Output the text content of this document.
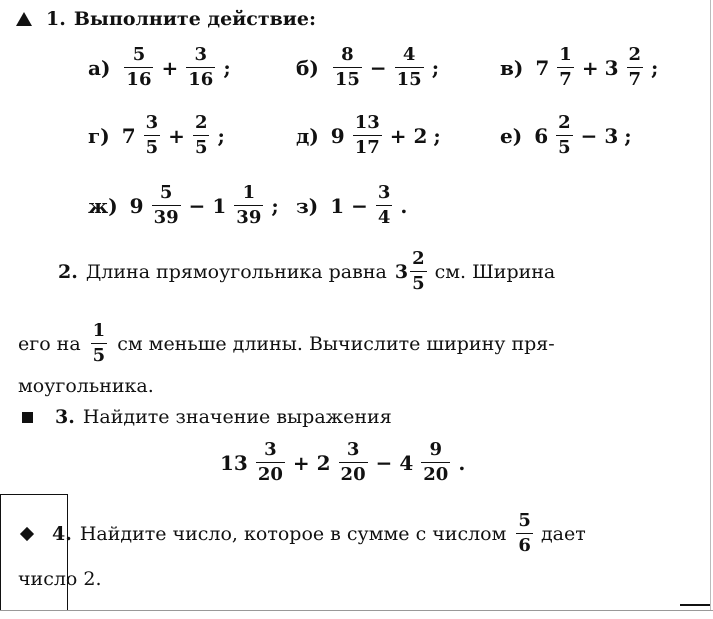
1. Выполните действие:
$а) \frac{5}{16} + \frac{3}{16}$ ;	$б) \frac{8}{15} - \frac{4}{15}$ ;	в) $7 \frac{1}{7} + 3 \frac{2}{7}$ ;
г) $7 \frac{3}{5} + \frac{2}{5}$ ;	д) $9 \frac{13}{17} + 2$ ;	е) $6 \frac{2}{5} - 3$ ;
ж) $9 \frac{5}{39} - 1 \frac{1}{39}$ ; з) $1 - \frac{3}{4}$ .
2. Длина прямоугольника равна $3 \frac{2}{5}$ см. Ширина
его на $\frac{1}{5}$ см меньше длины. Вычислите ширину пря-
моугольника.
3. Найдите значение выражения
$13 \frac{3}{20} + 2 \frac{3}{20} - 4 \frac{9}{20}$ .
4. Найдите число, которое в сумме с числом $\frac{5}{6}$ дает
число 2.
